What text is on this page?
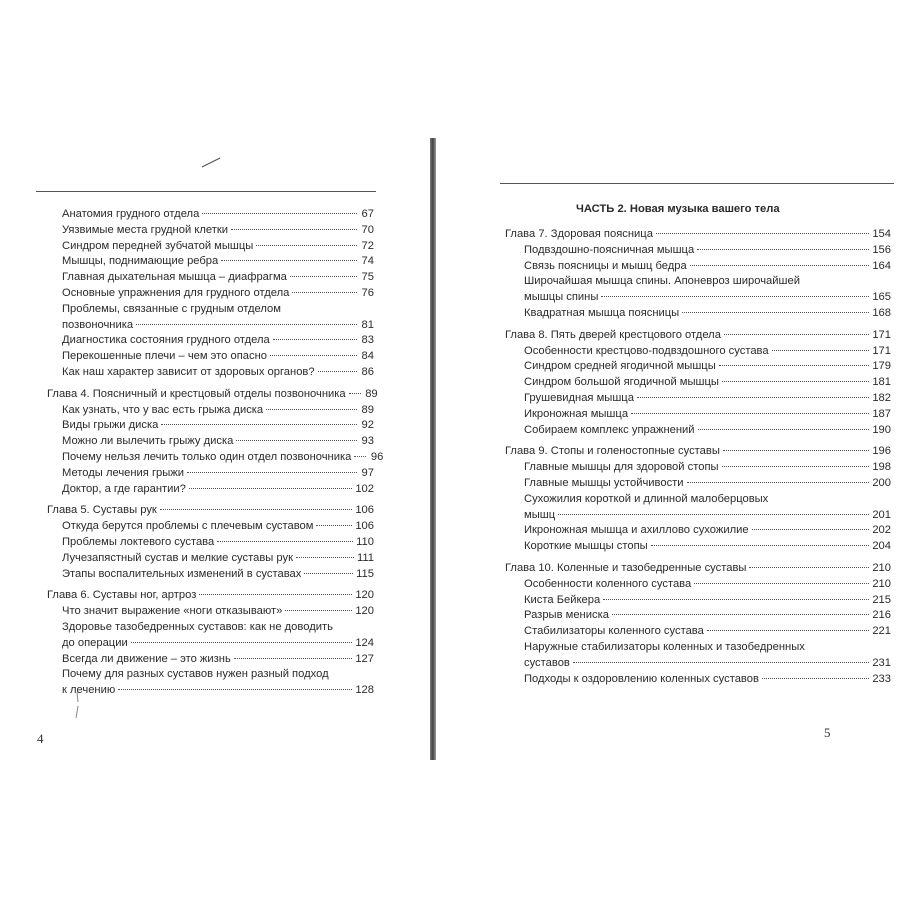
Анатомия грудного отдела	67
Уязвимые места грудной клетки	70
Синдром передней зубчатой мышцы	72
Мышцы, поднимающие ребра	74
Главная дыхательная мышца – диафрагма	75
Основные упражнения для грудного отдела	76
Проблемы, связанные с грудным отделом
позвоночника	81
Диагностика состояния грудного отдела	83
Перекошенные плечи – чем это опасно	84
Как наш характер зависит от здоровых органов?	86
Глава 4. Поясничный и крестцовый отделы позвоночника 89
Как узнать, что у вас есть грыжа диска	89
Виды грыжи диска	92
Можно ли вылечить грыжу диска	93
Почему нельзя лечить только один отдел позвоночника 96
Методы лечения грыжи	97
Доктор, а где гарантии?	102
Глава 5. Суставы рук	106
Откуда берутся проблемы с плечевым суставом	106
Проблемы локтевого сустава	110
Лучезапястный сустав и мелкие суставы рук	111
Этапы воспалительных изменений в суставах	115
Глава 6. Суставы ног, артроз	120
Что значит выражение «ноги отказывают»	120
Здоровье тазобедренных суставов: как не доводить
до операции	124
Всегда ли движение – это жизнь	127
Почему для разных суставов нужен разный подход
к лечению	128
4
ЧАСТЬ 2. Новая музыка вашего тела
Глава 7. Здоровая поясница	154
Подвздошно-поясничная мышца	156
Связь поясницы и мышц бедра	164
Широчайшая мышца спины. Апоневроз широчайшей
мышцы спины	165
Квадратная мышца поясницы	168
Глава 8. Пять дверей крестцового отдела	171
Особенности крестцово-подвздошного сустава	171
Синдром средней ягодичной мышцы	179
Синдром большой ягодичной мышцы	181
Грушевидная мышца	182
Икроножная мышца	187
Собираем комплекс упражнений	190
Глава 9. Стопы и голеностопные суставы	196
Главные мышцы для здоровой стопы	198
Главные мышцы устойчивости	200
Сухожилия короткой и длинной малоберцовых
мышц	201
Икроножная мышца и ахиллово сухожилие	202
Короткие мышцы стопы	204
Глава 10. Коленные и тазобедренные суставы	210
Особенности коленного сустава	210
Киста Бейкера	215
Разрыв мениска	216
Стабилизаторы коленного сустава	221
Наружные стабилизаторы коленных и тазобедренных
суставов	231
Подходы к оздоровлению коленных суставов	233
5
